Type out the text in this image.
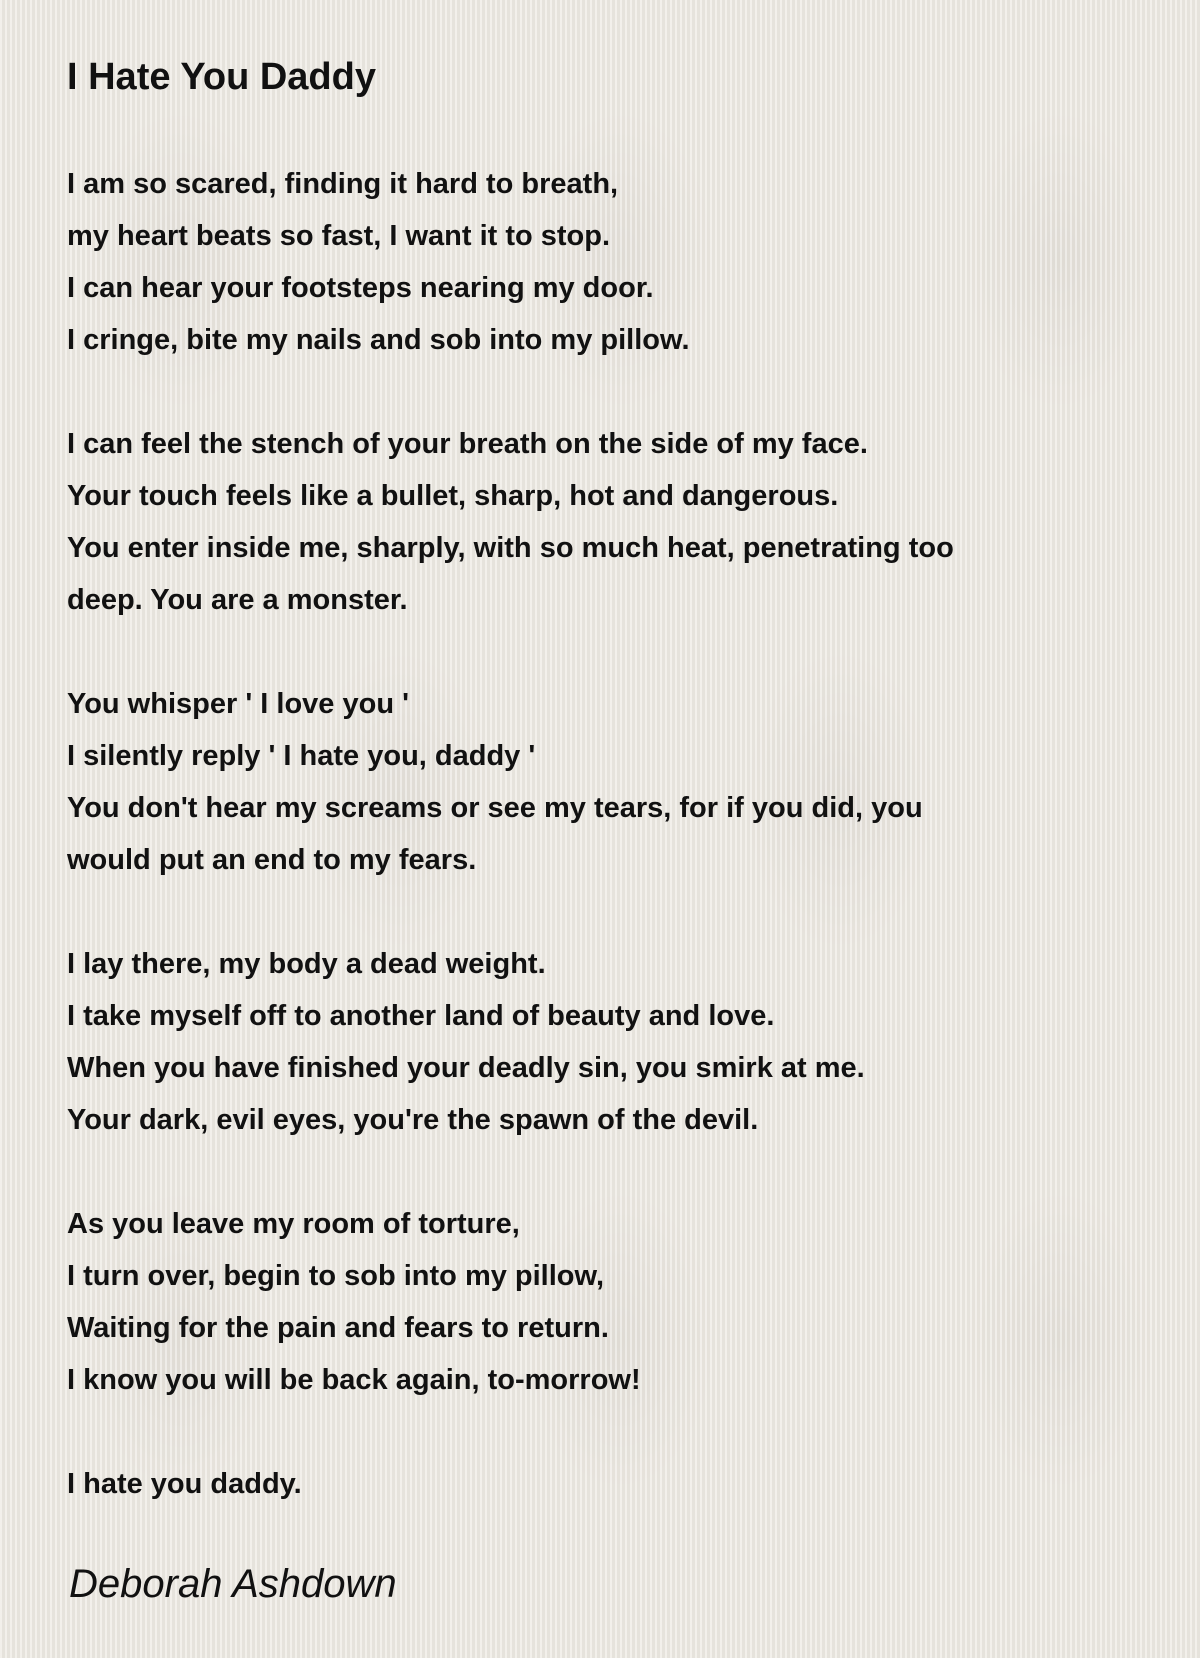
I Hate You Daddy
I am so scared, finding it hard to breath,
my heart beats so fast, I want it to stop.
I can hear your footsteps nearing my door.
I cringe, bite my nails and sob into my pillow.
I can feel the stench of your breath on the side of my face.
Your touch feels like a bullet, sharp, hot and dangerous.
You enter inside me, sharply, with so much heat, penetrating too
deep. You are a monster.
You whisper ' I love you '
I silently reply ' I hate you, daddy '
You don't hear my screams or see my tears, for if you did, you
would put an end to my fears.
I lay there, my body a dead weight.
I take myself off to another land of beauty and love.
When you have finished your deadly sin, you smirk at me.
Your dark, evil eyes, you're the spawn of the devil.
As you leave my room of torture,
I turn over, begin to sob into my pillow,
Waiting for the pain and fears to return.
I know you will be back again, to-morrow!
I hate you daddy.

Deborah Ashdown
